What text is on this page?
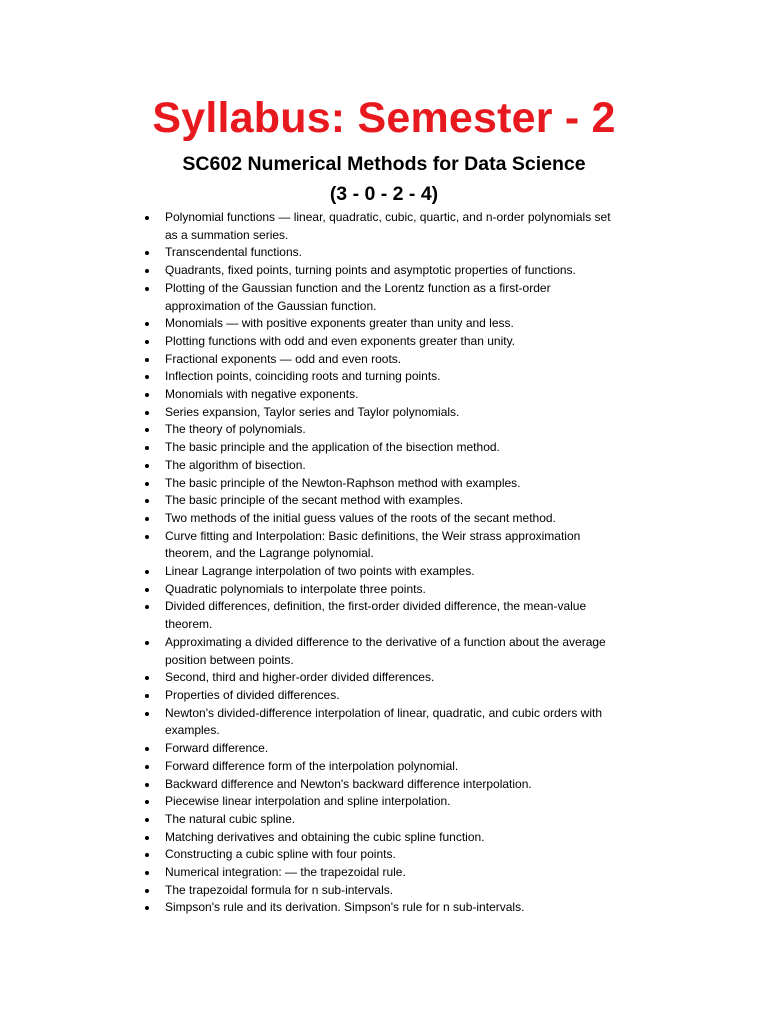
Syllabus: Semester - 2
SC602 Numerical Methods for Data Science
(3 - 0 - 2 - 4)
Polynomial functions — linear, quadratic, cubic, quartic, and n-order polynomials set as a summation series.
Transcendental functions.
Quadrants, fixed points, turning points and asymptotic properties of functions.
Plotting of the Gaussian function and the Lorentz function as a first-order approximation of the Gaussian function.
Monomials — with positive exponents greater than unity and less.
Plotting functions with odd and even exponents greater than unity.
Fractional exponents — odd and even roots.
Inflection points, coinciding roots and turning points.
Monomials with negative exponents.
Series expansion, Taylor series and Taylor polynomials.
The theory of polynomials.
The basic principle and the application of the bisection method.
The algorithm of bisection.
The basic principle of the Newton-Raphson method with examples.
The basic principle of the secant method with examples.
Two methods of the initial guess values of the roots of the secant method.
Curve fitting and Interpolation: Basic definitions, the Weir strass approximation theorem, and the Lagrange polynomial.
Linear Lagrange interpolation of two points with examples.
Quadratic polynomials to interpolate three points.
Divided differences, definition, the first-order divided difference, the mean-value theorem.
Approximating a divided difference to the derivative of a function about the average position between points.
Second, third and higher-order divided differences.
Properties of divided differences.
Newton's divided-difference interpolation of linear, quadratic, and cubic orders with examples.
Forward difference.
Forward difference form of the interpolation polynomial.
Backward difference and Newton's backward difference interpolation.
Piecewise linear interpolation and spline interpolation.
The natural cubic spline.
Matching derivatives and obtaining the cubic spline function.
Constructing a cubic spline with four points.
Numerical integration: — the trapezoidal rule.
The trapezoidal formula for n sub-intervals.
Simpson's rule and its derivation. Simpson's rule for n sub-intervals.
